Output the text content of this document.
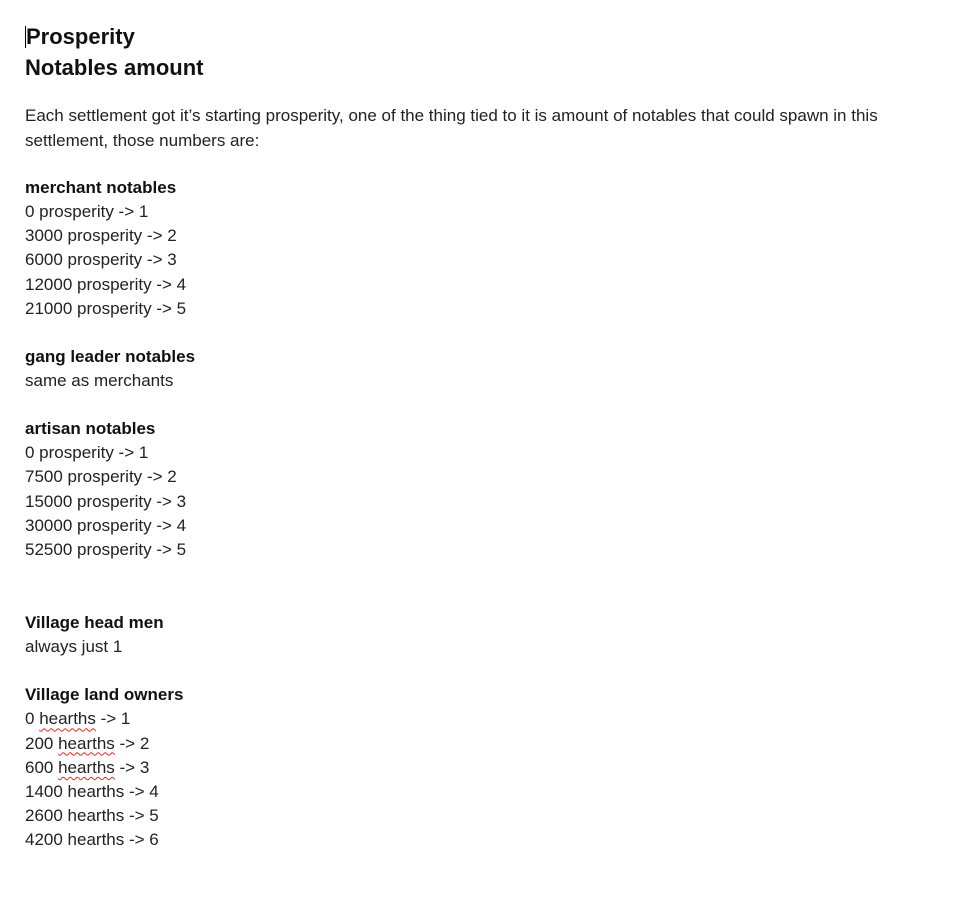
Prosperity
Notables amount
Each settlement got it’s starting prosperity, one of the thing tied to it is amount of notables that could spawn in this settlement, those numbers are:
merchant notables
0 prosperity -> 1
3000 prosperity -> 2
6000 prosperity -> 3
12000 prosperity -> 4
21000 prosperity -> 5
gang leader notables
same as merchants
artisan notables
0 prosperity -> 1
7500 prosperity -> 2
15000 prosperity -> 3
30000 prosperity -> 4
52500 prosperity -> 5
Village head men
always just 1
Village land owners
0 hearths -> 1
200 hearths -> 2
600 hearths -> 3
1400 hearths -> 4
2600 hearths -> 5
4200 hearths -> 6
